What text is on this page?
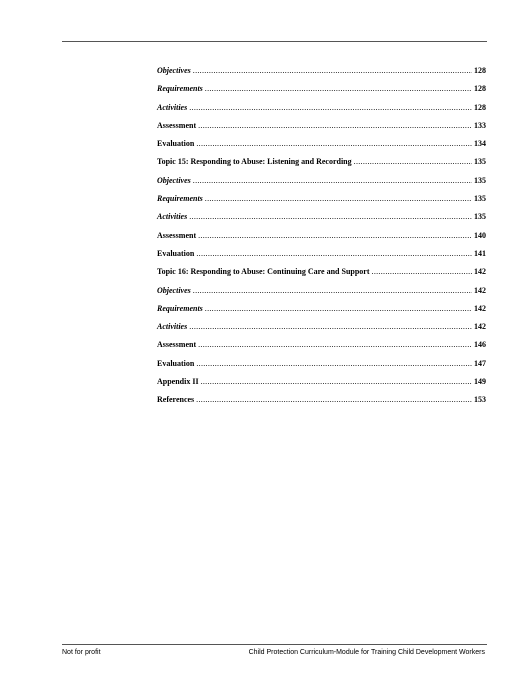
Objectives .....	128
Requirements .....	128
Activities .....	128
Assessment .....	133
Evaluation .....	134
Topic 15: Responding to Abuse: Listening and Recording .....	135
Objectives .....	135
Requirements .....	135
Activities .....	135
Assessment .....	140
Evaluation .....	141
Topic 16: Responding to Abuse: Continuing Care and Support .....	142
Objectives .....	142
Requirements .....	142
Activities .....	142
Assessment .....	146
Evaluation .....	147
Appendix II .....	149
References .....	153
Not for profit	Child Protection Curriculum-Module for Training Child Development Workers
